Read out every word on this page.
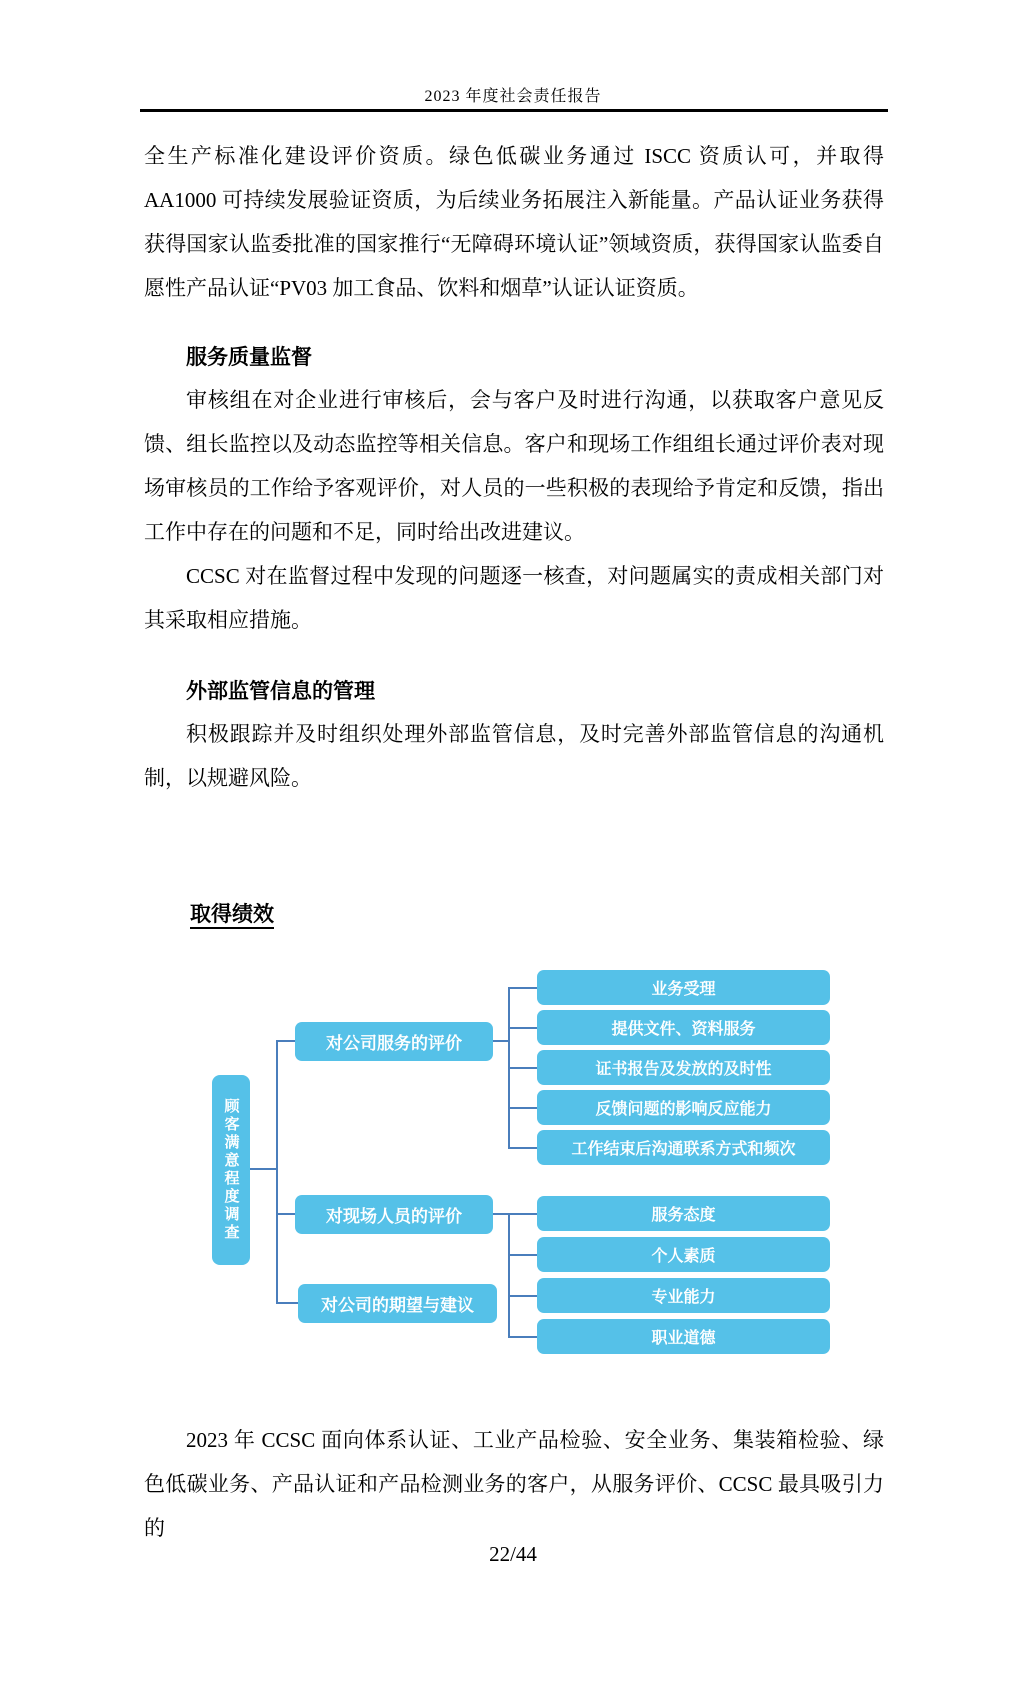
2023 年度社会责任报告
全生产标准化建设评价资质。绿色低碳业务通过 ISCC 资质认可，并取得 AA1000 可持续发展验证资质，为后续业务拓展注入新能量。产品认证业务获得获得国家认监委批准的国家推行“无障碍环境认证”领域资质，获得国家认监委自愿性产品认证“PV03 加工食品、饮料和烟草”认证认证资质。
服务质量监督
审核组在对企业进行审核后，会与客户及时进行沟通，以获取客户意见反馈、组长监控以及动态监控等相关信息。客户和现场工作组组长通过评价表对现场审核员的工作给予客观评价，对人员的一些积极的表现给予肯定和反馈，指出工作中存在的问题和不足，同时给出改进建议。
CCSC 对在监督过程中发现的问题逐一核查，对问题属实的责成相关部门对其采取相应措施。
外部监管信息的管理
积极跟踪并及时组织处理外部监管信息，及时完善外部监管信息的沟通机制，以规避风险。
取得绩效
顾客满意程度调查
对公司服务的评价
对现场人员的评价
对公司的期望与建议
业务受理
提供文件、资料服务
证书报告及发放的及时性
反馈问题的影响反应能力
工作结束后沟通联系方式和频次
服务态度
个人素质
专业能力
职业道德
2023 年 CCSC 面向体系认证、工业产品检验、安全业务、集装箱检验、绿色低碳业务、产品认证和产品检测业务的客户，从服务评价、CCSC 最具吸引力的
22/44
